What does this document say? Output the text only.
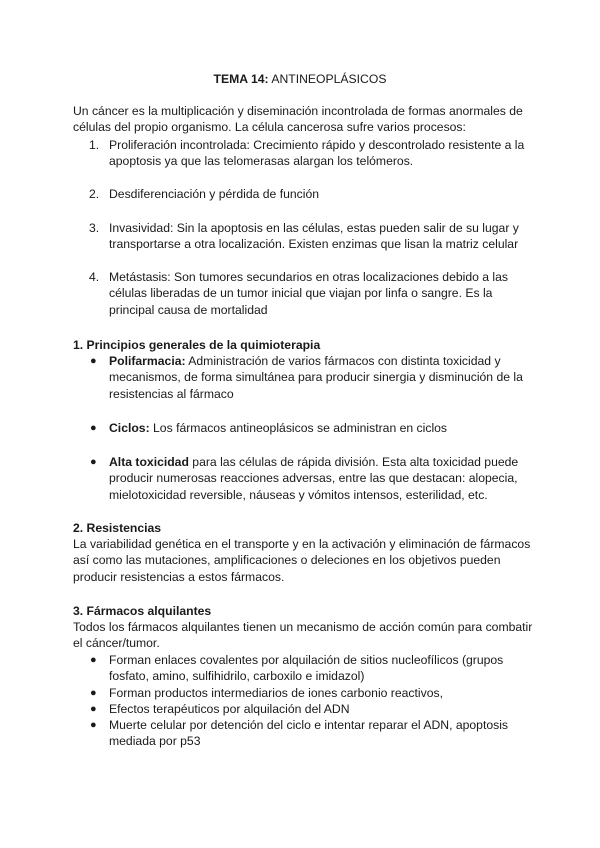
TEMA 14: ANTINEOPLÁSICOS
Un cáncer es la multiplicación y diseminación incontrolada de formas anormales de células del propio organismo. La célula cancerosa sufre varios procesos:
1. Proliferación incontrolada: Crecimiento rápido y descontrolado resistente a la apoptosis ya que las telomerasas alargan los telómeros.
2. Desdiferenciación y pérdida de función
3. Invasividad: Sin la apoptosis en las células, estas pueden salir de su lugar y transportarse a otra localización. Existen enzimas que lisan la matriz celular
4. Metástasis: Son tumores secundarios en otras localizaciones debido a las células liberadas de un tumor inicial que viajan por linfa o sangre. Es la principal causa de mortalidad
1. Principios generales de la quimioterapia
● Polifarmacia: Administración de varios fármacos con distinta toxicidad y mecanismos, de forma simultánea para producir sinergia y disminución de la resistencias al fármaco
● Ciclos: Los fármacos antineoplásicos se administran en ciclos
● Alta toxicidad para las células de rápida división. Esta alta toxicidad puede producir numerosas reacciones adversas, entre las que destacan: alopecia, mielotoxicidad reversible, náuseas y vómitos intensos, esterilidad, etc.
2. Resistencias
La variabilidad genética en el transporte y en la activación y eliminación de fármacos así como las mutaciones, amplificaciones o deleciones en los objetivos pueden producir resistencias a estos fármacos.
3. Fármacos alquilantes
Todos los fármacos alquilantes tienen un mecanismo de acción común para combatir el cáncer/tumor.
● Forman enlaces covalentes por alquilación de sitios nucleofílicos (grupos fosfato, amino, sulfihidrilo, carboxilo e imidazol)
● Forman productos intermediarios de iones carbonio reactivos,
● Efectos terapéuticos por alquilación del ADN
● Muerte celular por detención del ciclo e intentar reparar el ADN, apoptosis mediada por p53
